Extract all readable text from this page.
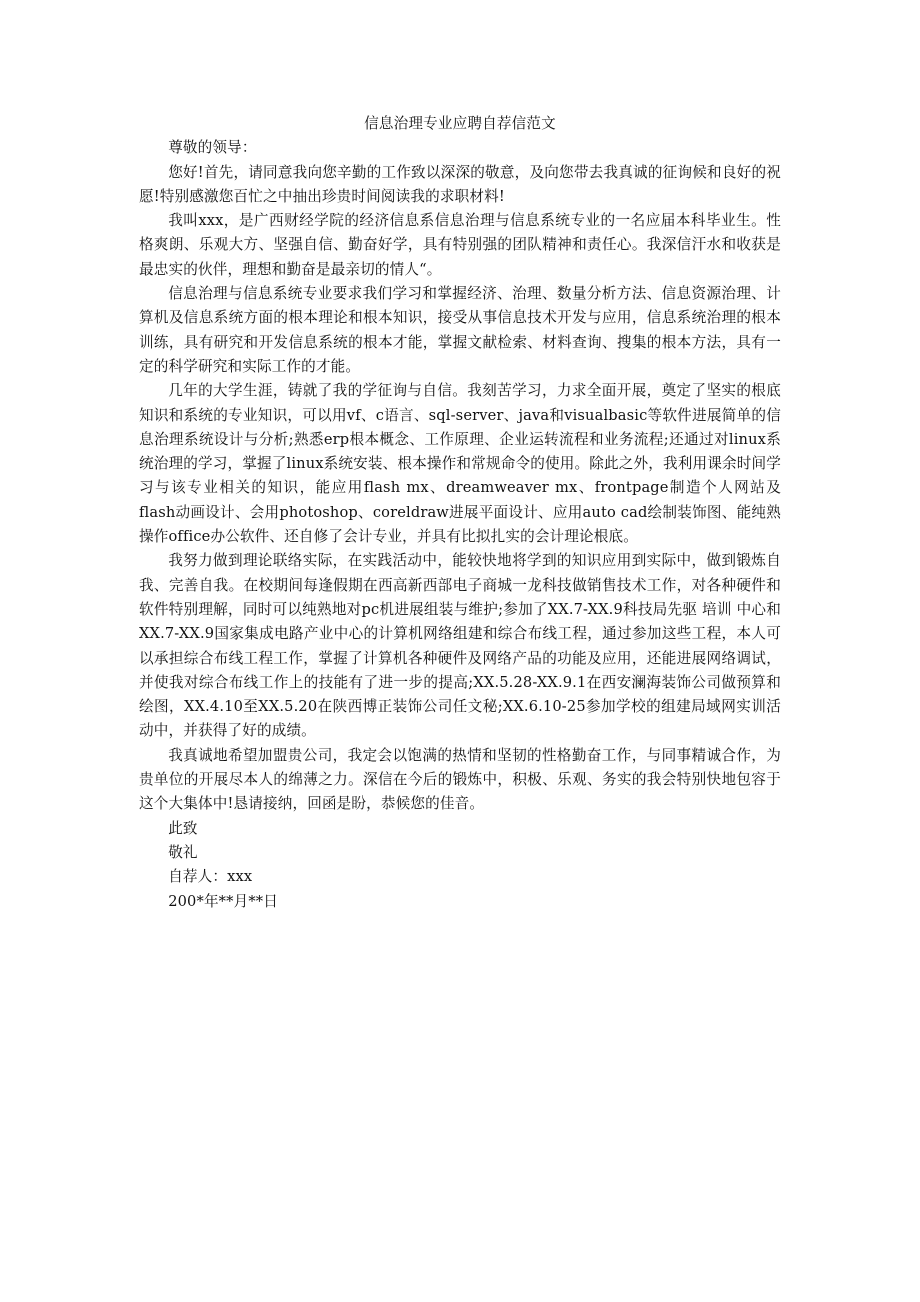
信息治理专业应聘自荐信范文

尊敬的领导：

您好!首先，请同意我向您辛勤的工作致以深深的敬意，及向您带去我真诚的征询候和良好的祝愿!特别感激您百忙之中抽出珍贵时间阅读我的求职材料!

我叫xxx，是广西财经学院的经济信息系信息治理与信息系统专业的一名应届本科毕业生。性格爽朗、乐观大方、坚强自信、勤奋好学，具有特别强的团队精神和责任心。我深信汗水和收获是最忠实的伙伴，理想和勤奋是最亲切的情人“。

信息治理与信息系统专业要求我们学习和掌握经济、治理、数量分析方法、信息资源治理、计算机及信息系统方面的根本理论和根本知识，接受从事信息技术开发与应用，信息系统治理的根本训练，具有研究和开发信息系统的根本才能，掌握文献检索、材料查询、搜集的根本方法，具有一定的科学研究和实际工作的才能。

几年的大学生涯，铸就了我的学征询与自信。我刻苦学习，力求全面开展，奠定了坚实的根底知识和系统的专业知识，可以用vf、c语言、sql-server、java和visualbasic等软件进展简单的信息治理系统设计与分析;熟悉erp根本概念、工作原理、企业运转流程和业务流程;还通过对linux系统治理的学习，掌握了linux系统安装、根本操作和常规命令的使用。除此之外，我利用课余时间学习与该专业相关的知识，能应用flash mx、dreamweaver mx、frontpage制造个人网站及flash动画设计、会用photoshop、coreldraw进展平面设计、应用auto cad绘制装饰图、能纯熟操作office办公软件、还自修了会计专业，并具有比拟扎实的会计理论根底。

我努力做到理论联络实际，在实践活动中，能较快地将学到的知识应用到实际中，做到锻炼自我、完善自我。在校期间每逢假期在西高新西部电子商城一龙科技做销售技术工作，对各种硬件和软件特别理解，同时可以纯熟地对pc机进展组装与维护;参加了XX.7-XX.9科技局先驱 培训 中心和XX.7-XX.9国家集成电路产业中心的计算机网络组建和综合布线工程，通过参加这些工程，本人可以承担综合布线工程工作，掌握了计算机各种硬件及网络产品的功能及应用，还能进展网络调试，并使我对综合布线工作上的技能有了进一步的提高;XX.5.28-XX.9.1在西安澜海装饰公司做预算和绘图，XX.4.10至XX.5.20在陕西博正装饰公司任文秘;XX.6.10-25参加学校的组建局域网实训活动中，并获得了好的成绩。

我真诚地希望加盟贵公司，我定会以饱满的热情和坚韧的性格勤奋工作，与同事精诚合作，为贵单位的开展尽本人的绵薄之力。深信在今后的锻炼中，积极、乐观、务实的我会特别快地包容于这个大集体中!恳请接纳，回函是盼，恭候您的佳音。

此致

敬礼

自荐人：xxx

200*年**月**日
